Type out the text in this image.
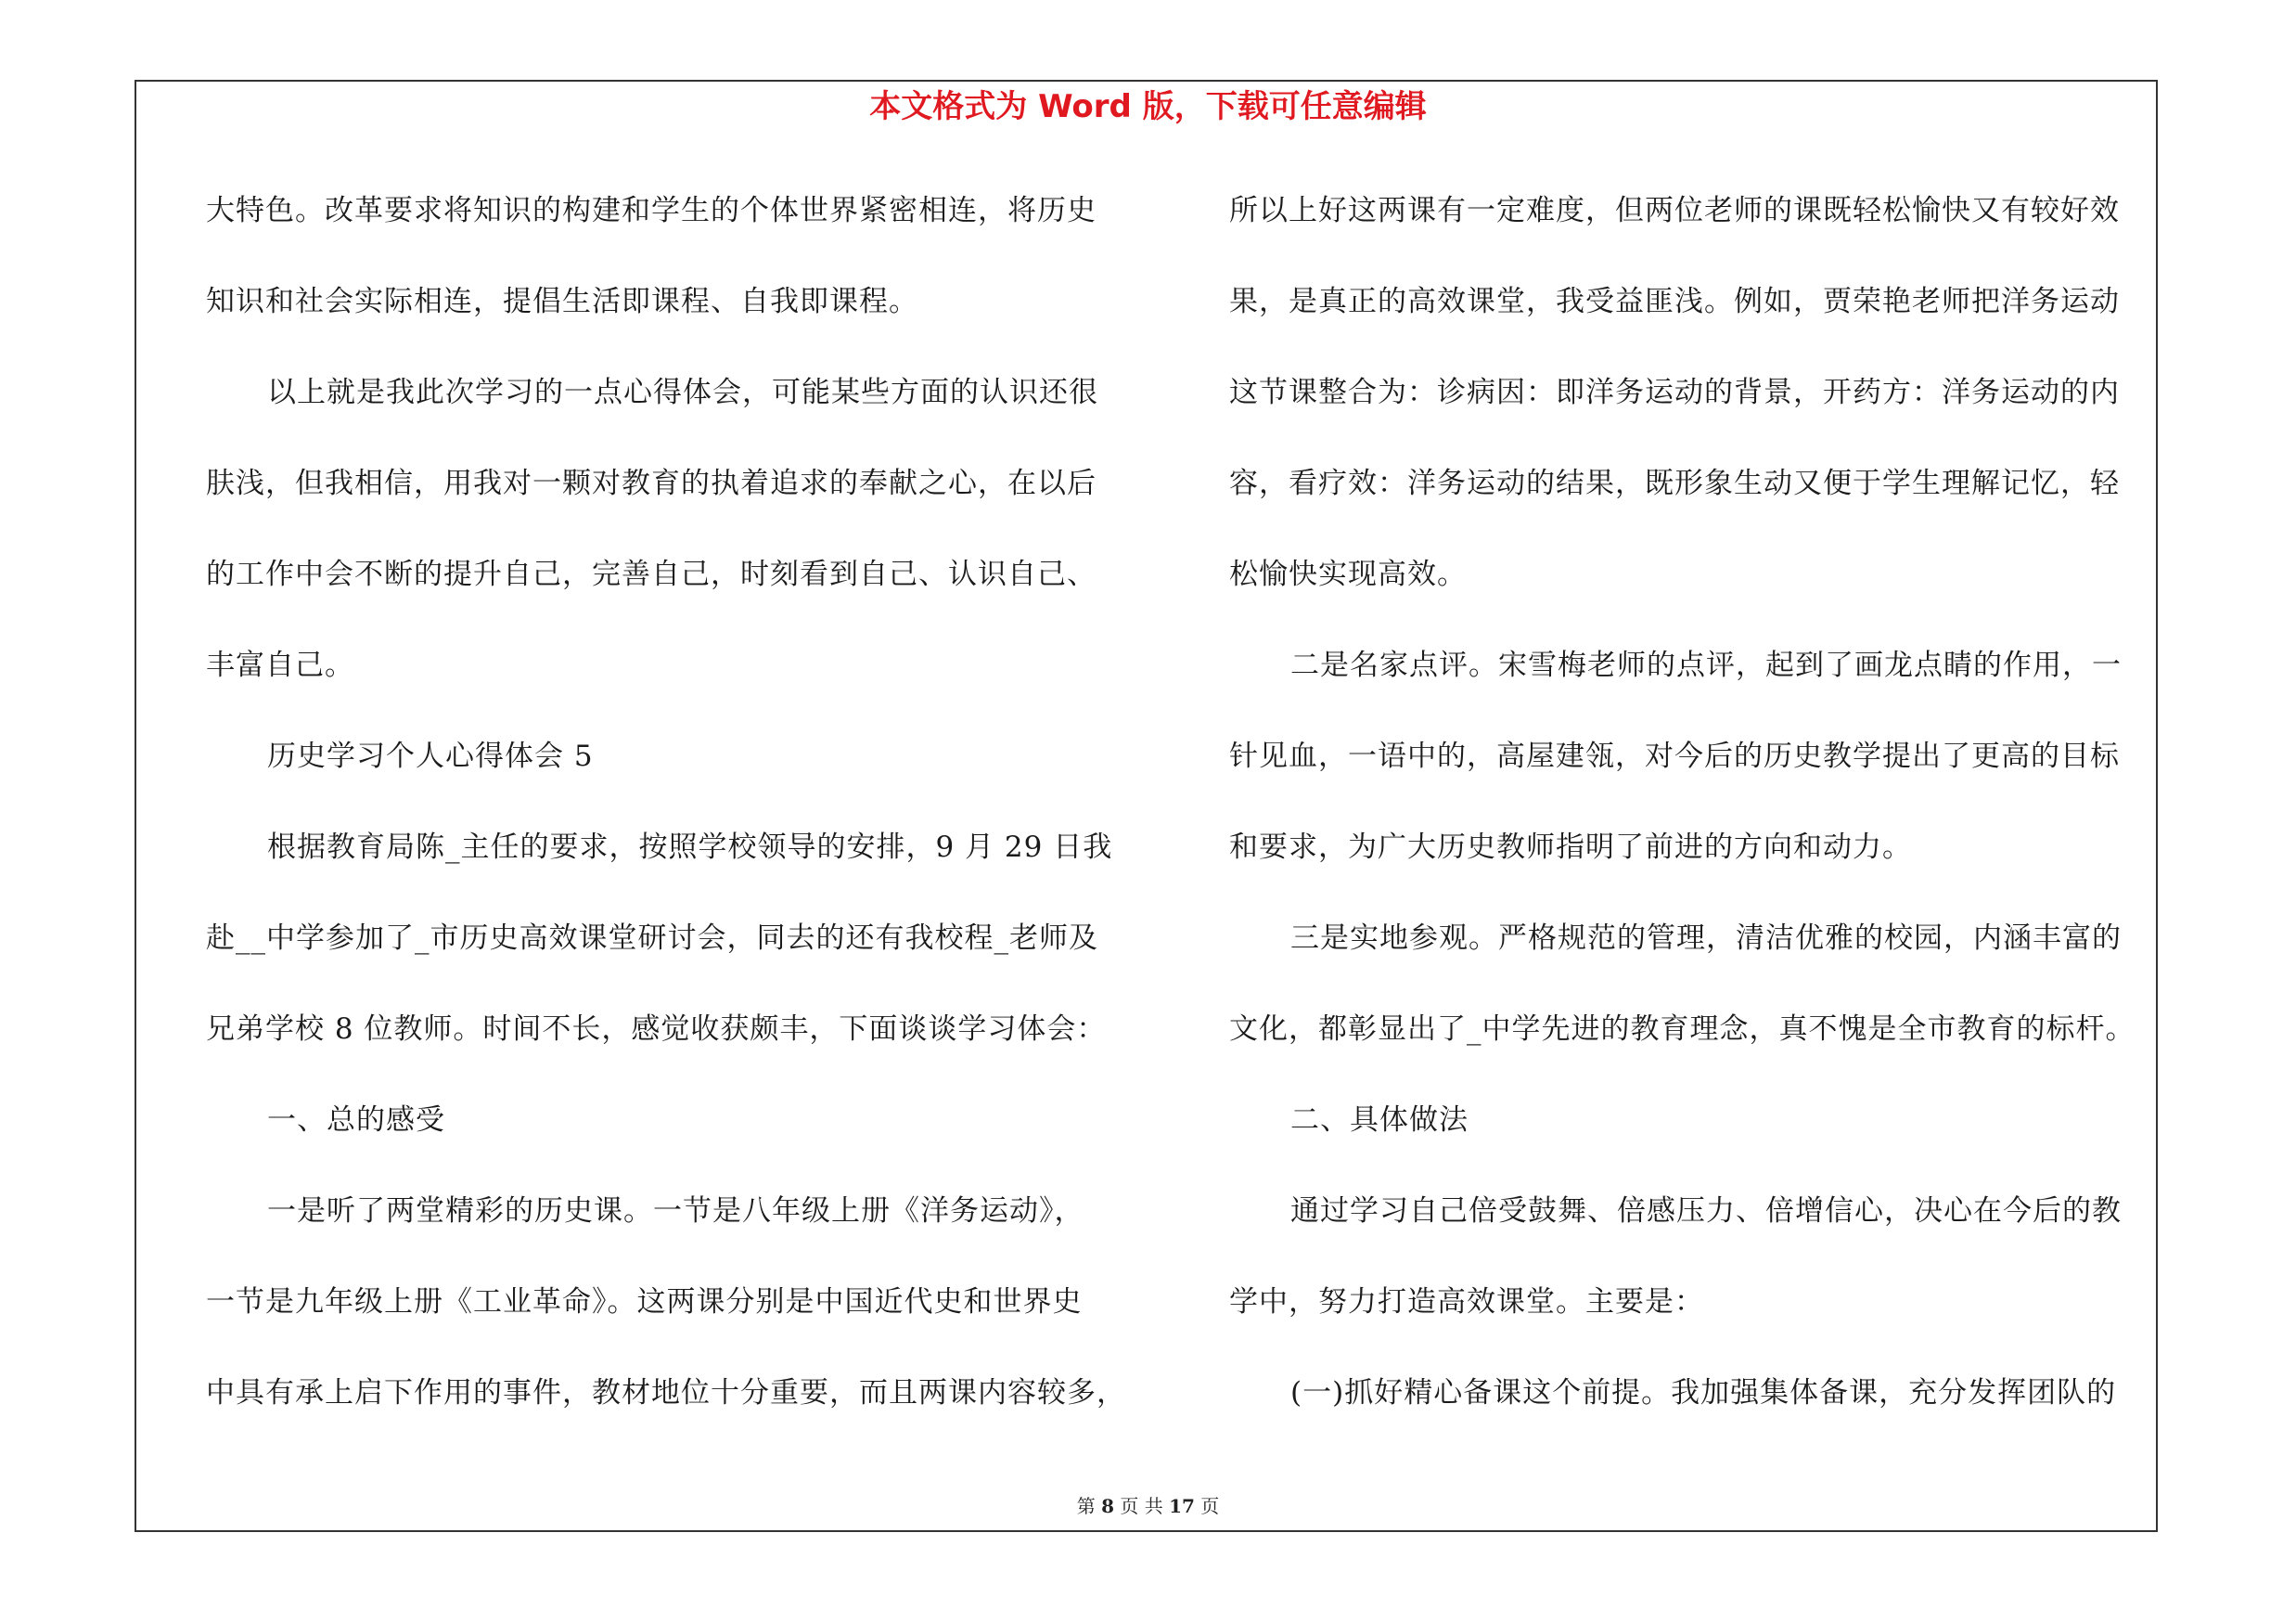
本文格式为 Word 版，下载可任意编辑
大特色。改革要求将知识的构建和学生的个体世界紧密相连，将历史
知识和社会实际相连，提倡生活即课程、自我即课程。
以上就是我此次学习的一点心得体会，可能某些方面的认识还很
肤浅，但我相信，用我对一颗对教育的执着追求的奉献之心，在以后
的工作中会不断的提升自己，完善自己，时刻看到自己、认识自己、
丰富自己。
历史学习个人心得体会 5
根据教育局陈_主任的要求，按照学校领导的安排，9 月 29 日我
赴__中学参加了_市历史高效课堂研讨会，同去的还有我校程_老师及
兄弟学校 8 位教师。时间不长，感觉收获颇丰，下面谈谈学习体会：
一、总的感受
一是听了两堂精彩的历史课。一节是八年级上册《洋务运动》，
一节是九年级上册《工业革命》。这两课分别是中国近代史和世界史
中具有承上启下作用的事件，教材地位十分重要，而且两课内容较多，
所以上好这两课有一定难度，但两位老师的课既轻松愉快又有较好效
果，是真正的高效课堂，我受益匪浅。例如，贾荣艳老师把洋务运动
这节课整合为：诊病因：即洋务运动的背景，开药方：洋务运动的内
容，看疗效：洋务运动的结果，既形象生动又便于学生理解记忆，轻
松愉快实现高效。
二是名家点评。宋雪梅老师的点评，起到了画龙点睛的作用，一
针见血，一语中的，高屋建瓴，对今后的历史教学提出了更高的目标
和要求，为广大历史教师指明了前进的方向和动力。
三是实地参观。严格规范的管理，清洁优雅的校园，内涵丰富的
文化，都彰显出了_中学先进的教育理念，真不愧是全市教育的标杆。
二、具体做法
通过学习自己倍受鼓舞、倍感压力、倍增信心，决心在今后的教
学中，努力打造高效课堂。主要是：
(一)抓好精心备课这个前提。我加强集体备课，充分发挥团队的
第 8 页 共 17 页
